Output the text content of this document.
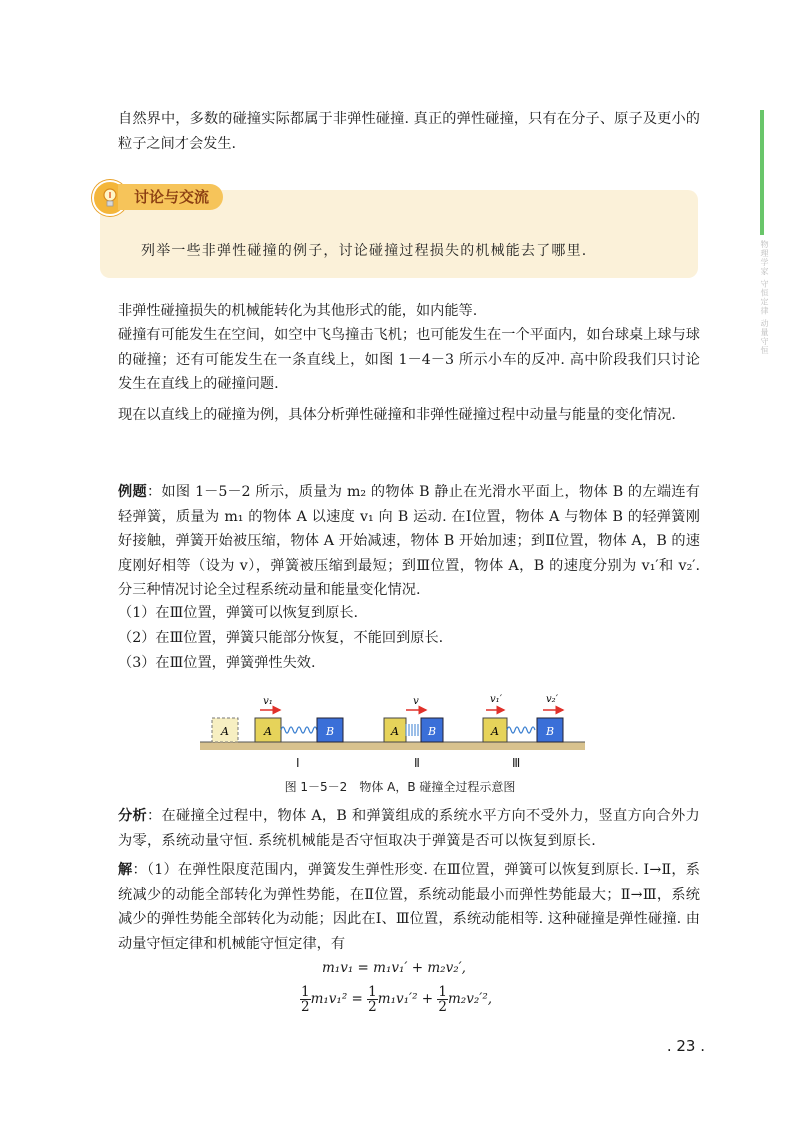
物理学家 守恒定律 动量守恒

自然界中，多数的碰撞实际都属于非弹性碰撞. 真正的弹性碰撞，只有在分子、原子及更小的粒子之间才会发生.

讨论与交流
列举一些非弹性碰撞的例子，讨论碰撞过程损失的机械能去了哪里.

非弹性碰撞损失的机械能转化为其他形式的能，如内能等.

碰撞有可能发生在空间，如空中飞鸟撞击飞机；也可能发生在一个平面内，如台球桌上球与球的碰撞；还有可能发生在一条直线上，如图 1－4－3 所示小车的反冲. 高中阶段我们只讨论发生在直线上的碰撞问题.

现在以直线上的碰撞为例，具体分析弹性碰撞和非弹性碰撞过程中动量与能量的变化情况.

例题：如图 1－5－2 所示，质量为 m₂ 的物体 B 静止在光滑水平面上，物体 B 的左端连有轻弹簧，质量为 m₁ 的物体 A 以速度 v₁ 向 B 运动. 在Ⅰ位置，物体 A 与物体 B 的轻弹簧刚好接触，弹簧开始被压缩，物体 A 开始减速，物体 B 开始加速；到Ⅱ位置，物体 A，B 的速度刚好相等（设为 v），弹簧被压缩到最短；到Ⅲ位置，物体 A，B 的速度分别为 v₁′和 v₂′. 分三种情况讨论全过程系统动量和能量变化情况.

（1）在Ⅲ位置，弹簧可以恢复到原长.

（2）在Ⅲ位置，弹簧只能部分恢复，不能回到原长.

（3）在Ⅲ位置，弹簧弹性失效.

A	A	B
v₁
A	B
v
A	B
v₁′	v₂′
Ⅰ	Ⅱ	Ⅲ
图 1－5－2　物体 A，B 碰撞全过程示意图

分析：在碰撞全过程中，物体 A，B 和弹簧组成的系统水平方向不受外力，竖直方向合外力为零，系统动量守恒. 系统机械能是否守恒取决于弹簧是否可以恢复到原长.

解：（1）在弹性限度范围内，弹簧发生弹性形变. 在Ⅲ位置，弹簧可以恢复到原长. Ⅰ→Ⅱ，系统减少的动能全部转化为弹性势能，在Ⅱ位置，系统动能最小而弹性势能最大；Ⅱ→Ⅲ，系统减少的弹性势能全部转化为动能；因此在Ⅰ、Ⅲ位置，系统动能相等. 这种碰撞是弹性碰撞. 由动量守恒定律和机械能守恒定律，有

m₁v₁ = m₁v₁′ + m₂v₂′,
$\frac{1}{2} m_1v_1^2 = \frac{1}{2} m_1v_1'^2 + \frac{1}{2} m_2v_2'^2$,
. 23 .
